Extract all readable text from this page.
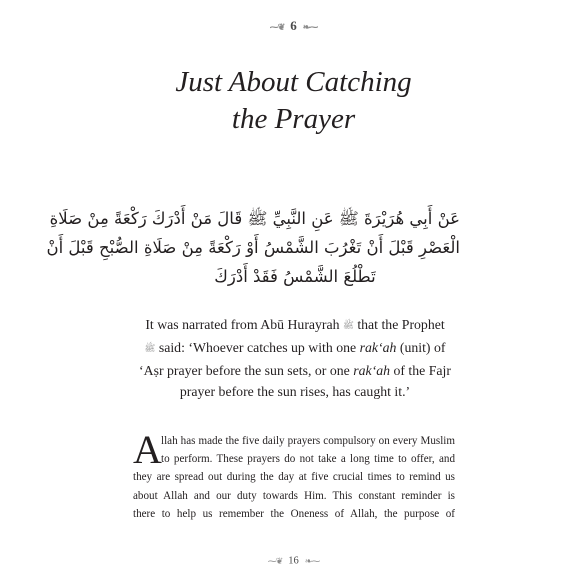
⁓❦ 6 ❧⁓
Just About Catching
the Prayer
عَنْ أَبِي هُرَيْرَةَ ﷺ عَنِ النَّبِيِّ ﷺ قَالَ مَنْ أَدْرَكَ رَكْعَةً مِنْ صَلَاةِ
الْعَصْرِ قَبْلَ أَنْ تَغْرُبَ الشَّمْسُ أَوْ رَكْعَةً مِنْ صَلَاةِ الصُّبْحِ قَبْلَ أَنْ
تَطْلُعَ الشَّمْسُ فَقَدْ أَدْرَكَ
It was narrated from Abū Hurayrah ﷺ that the Prophet
ﷺ said: ‘Whoever catches up with one rak‘ah (unit) of
‘Aṣr prayer before the sun sets, or one rak‘ah of the Fajr
prayer before the sun rises, has caught it.’
A llah has made the five daily prayers compulsory on every Muslim
to perform. These prayers do not take a long time to offer, and
they are spread out during the day at five crucial times to remind us
about Allah and our duty towards Him. This constant reminder is
there to help us remember the Oneness of Allah, the purpose of
⁓❦ 16 ❧⁓
